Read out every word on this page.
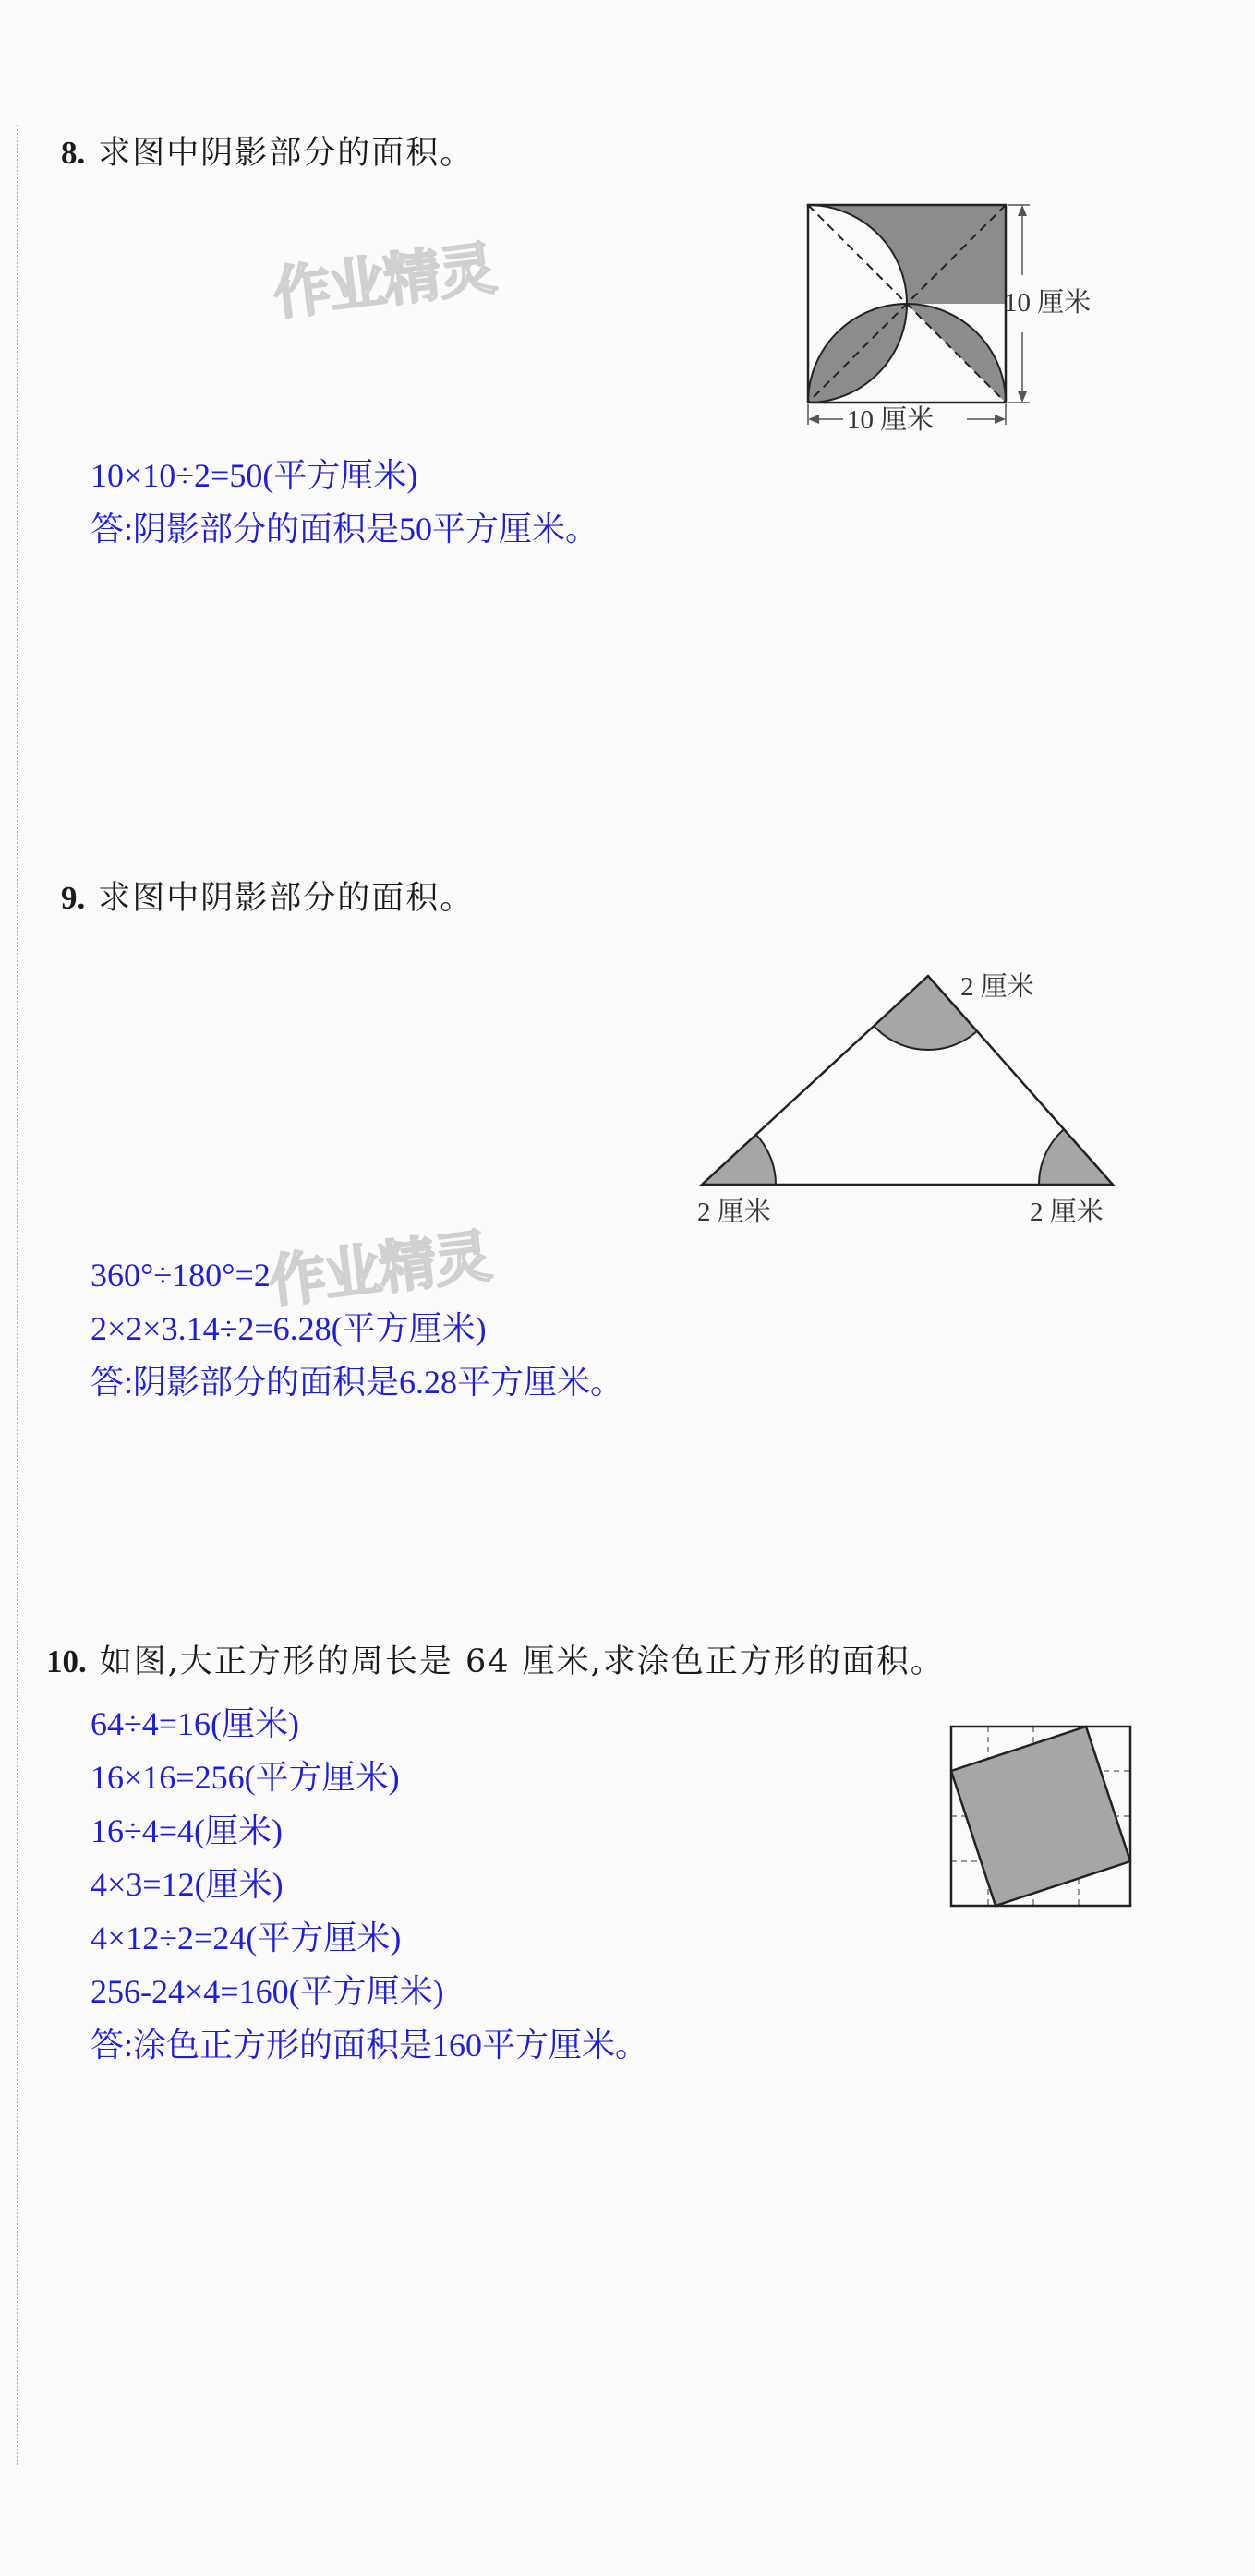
8. 求图中阴影部分的面积。
作业精灵	10 厘米
10 厘米
10×10÷2=50(平方厘米)
答:阴影部分的面积是50平方厘米。
9. 求图中阴影部分的面积。
2 厘米
2 厘米	2 厘米
作业精灵
360°÷180°=2
2×2×3.14÷2=6.28(平方厘米)
答:阴影部分的面积是6.28平方厘米。
10. 如图,大正方形的周长是 64 厘米,求涂色正方形的面积。
64÷4=16(厘米)
16×16=256(平方厘米)
16÷4=4(厘米)
4×3=12(厘米)
4×12÷2=24(平方厘米)
256-24×4=160(平方厘米)
答:涂色正方形的面积是160平方厘米。
